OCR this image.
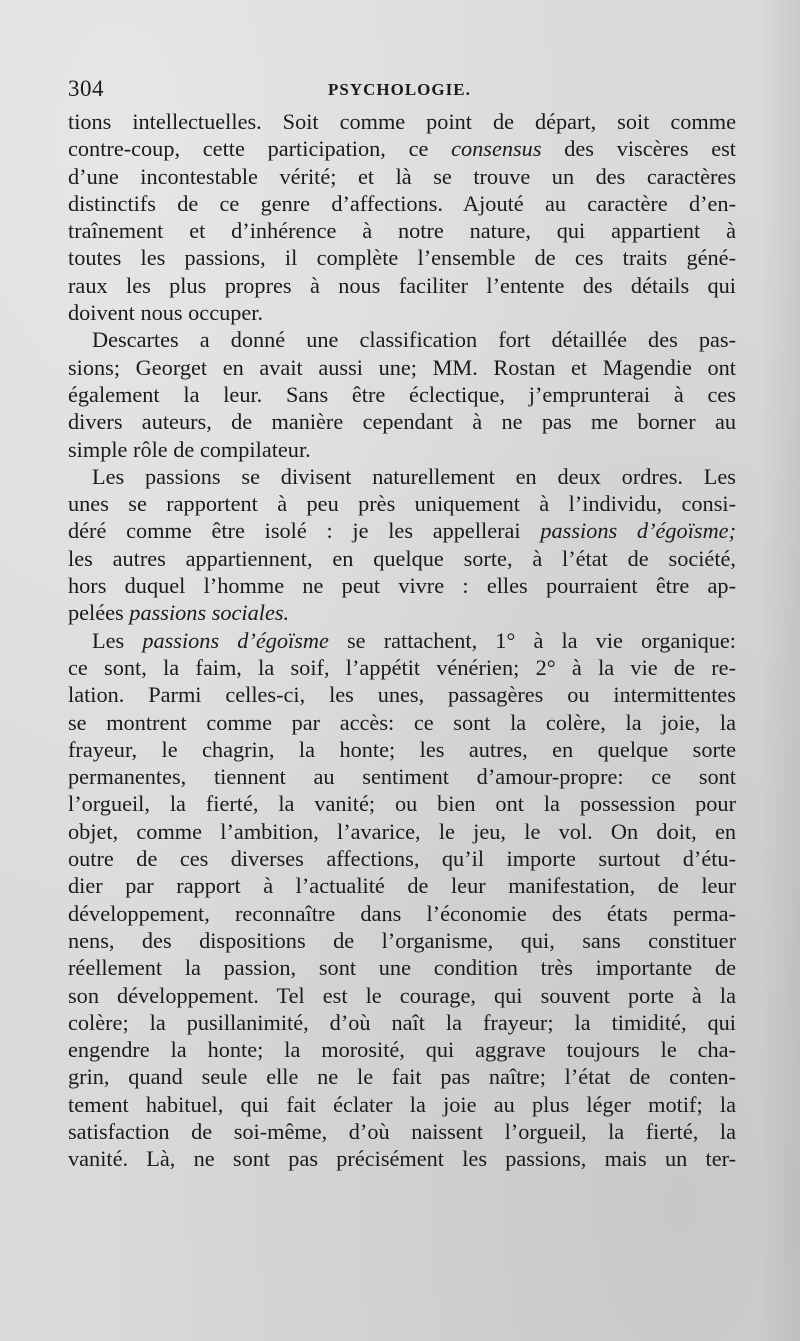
304	PSYCHOLOGIE.
tions intellectuelles. Soit comme point de départ, soit comme
contre-coup, cette participation, ce consensus des viscères est
d’une incontestable vérité; et là se trouve un des caractères
distinctifs de ce genre d’affections. Ajouté au caractère d’en-
traînement et d’inhérence à notre nature, qui appartient à
toutes les passions, il complète l’ensemble de ces traits géné-
raux les plus propres à nous faciliter l’entente des détails qui
doivent nous occuper.
Descartes a donné une classification fort détaillée des pas-
sions; Georget en avait aussi une; MM. Rostan et Magendie ont
également la leur. Sans être éclectique, j’emprunterai à ces
divers auteurs, de manière cependant à ne pas me borner au
simple rôle de compilateur.
Les passions se divisent naturellement en deux ordres. Les
unes se rapportent à peu près uniquement à l’individu, consi-
déré comme être isolé : je les appellerai passions d’égoïsme;
les autres appartiennent, en quelque sorte, à l’état de société,
hors duquel l’homme ne peut vivre : elles pourraient être ap-
pelées passions sociales.
Les passions d’égoïsme se rattachent, 1° à la vie organique:
ce sont, la faim, la soif, l’appétit vénérien; 2° à la vie de re-
lation. Parmi celles-ci, les unes, passagères ou intermittentes
se montrent comme par accès: ce sont la colère, la joie, la
frayeur, le chagrin, la honte; les autres, en quelque sorte
permanentes, tiennent au sentiment d’amour-propre: ce sont
l’orgueil, la fierté, la vanité; ou bien ont la possession pour
objet, comme l’ambition, l’avarice, le jeu, le vol. On doit, en
outre de ces diverses affections, qu’il importe surtout d’étu-
dier par rapport à l’actualité de leur manifestation, de leur
développement, reconnaître dans l’économie des états perma-
nens, des dispositions de l’organisme, qui, sans constituer
réellement la passion, sont une condition très importante de
son développement. Tel est le courage, qui souvent porte à la
colère; la pusillanimité, d’où naît la frayeur; la timidité, qui
engendre la honte; la morosité, qui aggrave toujours le cha-
grin, quand seule elle ne le fait pas naître; l’état de conten-
tement habituel, qui fait éclater la joie au plus léger motif; la
satisfaction de soi-même, d’où naissent l’orgueil, la fierté, la
vanité. Là, ne sont pas précisément les passions, mais un ter-
